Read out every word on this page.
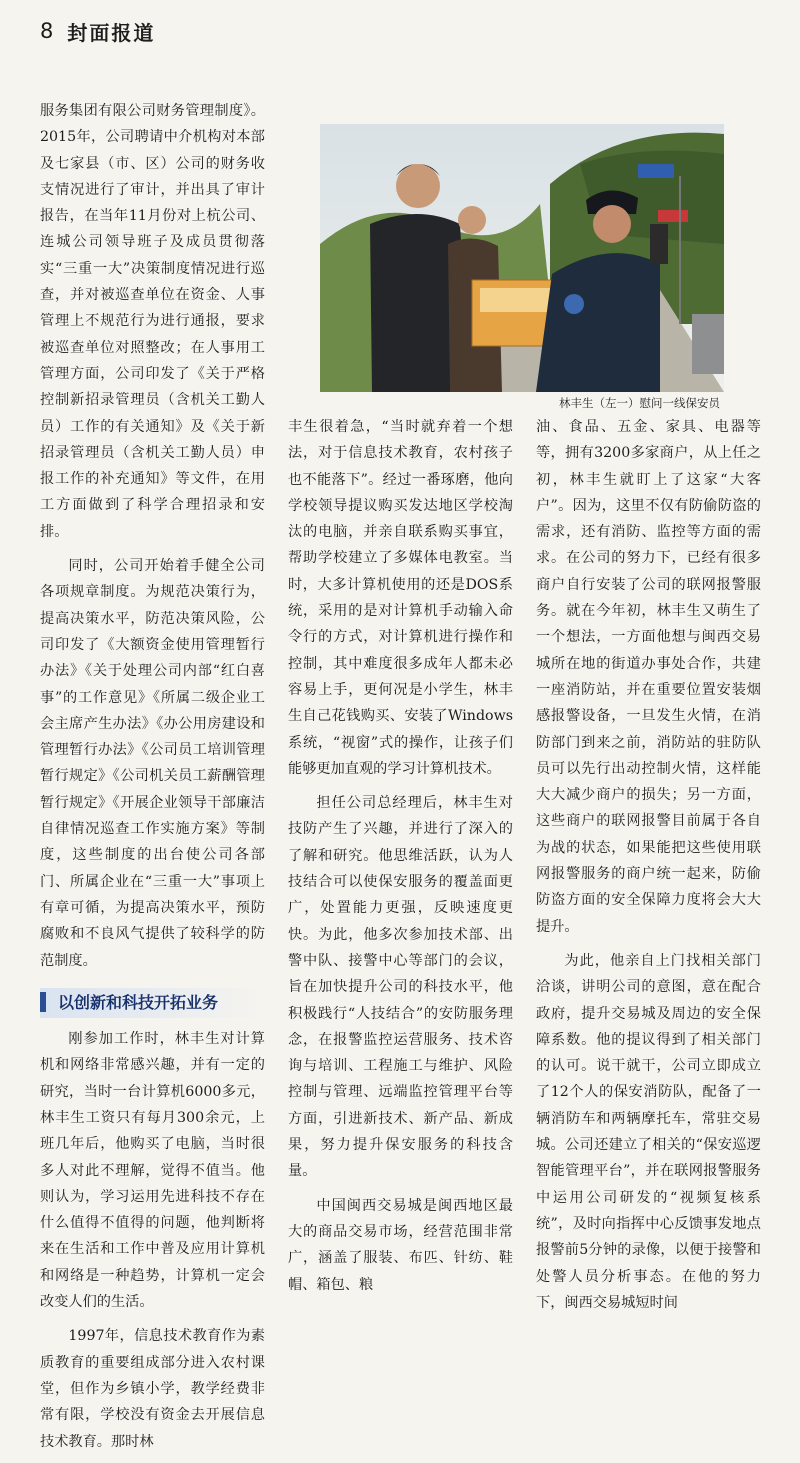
8 封面报道

服务集团有限公司财务管理制度》。2015年，公司聘请中介机构对本部及七家县（市、区）公司的财务收支情况进行了审计，并出具了审计报告，在当年11月份对上杭公司、连城公司领导班子及成员贯彻落实“三重一大”决策制度情况进行巡查，并对被巡查单位在资金、人事管理上不规范行为进行通报，要求被巡查单位对照整改；在人事用工管理方面，公司印发了《关于严格控制新招录管理员（含机关工勤人员）工作的有关通知》及《关于新招录管理员（含机关工勤人员）申报工作的补充通知》等文件，在用工方面做到了科学合理招录和安排。

同时，公司开始着手健全公司各项规章制度。为规范决策行为，提高决策水平，防范决策风险，公司印发了《大额资金使用管理暂行办法》《关于处理公司内部“红白喜事”的工作意见》《所属二级企业工会主席产生办法》《办公用房建设和管理暂行办法》《公司员工培训管理暂行规定》《公司机关员工薪酬管理暂行规定》《开展企业领导干部廉洁自律情况巡查工作实施方案》等制度，这些制度的出台使公司各部门、所属企业在“三重一大”事项上有章可循，为提高决策水平，预防腐败和不良风气提供了较科学的防范制度。

以创新和科技开拓业务

刚参加工作时，林丰生对计算机和网络非常感兴趣，并有一定的研究，当时一台计算机6000多元，林丰生工资只有每月300余元，上班几年后，他购买了电脑，当时很多人对此不理解，觉得不值当。他则认为，学习运用先进科技不存在什么值得不值得的问题，他判断将来在生活和工作中普及应用计算机和网络是一种趋势，计算机一定会改变人们的生活。

1997年，信息技术教育作为素质教育的重要组成部分进入农村课堂，但作为乡镇小学，教学经费非常有限，学校没有资金去开展信息技术教育。那时林

林丰生（左一）慰问一线保安员

丰生很着急，“当时就弃着一个想法，对于信息技术教育，农村孩子也不能落下”。经过一番琢磨，他向学校领导提议购买发达地区学校淘汰的电脑，并亲自联系购买事宜，帮助学校建立了多媒体电教室。当时，大多计算机使用的还是DOS系统，采用的是对计算机手动输入命令行的方式，对计算机进行操作和控制，其中难度很多成年人都未必容易上手，更何况是小学生，林丰生自己花钱购买、安装了Windows系统，“视窗”式的操作，让孩子们能够更加直观的学习计算机技术。

担任公司总经理后，林丰生对技防产生了兴趣，并进行了深入的了解和研究。他思维活跃，认为人技结合可以使保安服务的覆盖面更广，处置能力更强，反映速度更快。为此，他多次参加技术部、出警中队、接警中心等部门的会议，旨在加快提升公司的科技水平，他积极践行“人技结合”的安防服务理念，在报警监控运营服务、技术咨询与培训、工程施工与维护、风险控制与管理、远端监控管理平台等方面，引进新技术、新产品、新成果，努力提升保安服务的科技含量。

中国闽西交易城是闽西地区最大的商品交易市场，经营范围非常广，涵盖了服装、布匹、针纺、鞋帽、箱包、粮

油、食品、五金、家具、电器等等，拥有3200多家商户，从上任之初，林丰生就盯上了这家“大客户”。因为，这里不仅有防偷防盗的需求，还有消防、监控等方面的需求。在公司的努力下，已经有很多商户自行安装了公司的联网报警服务。就在今年初，林丰生又萌生了一个想法，一方面他想与闽西交易城所在地的街道办事处合作，共建一座消防站，并在重要位置安装烟感报警设备，一旦发生火情，在消防部门到来之前，消防站的驻防队员可以先行出动控制火情，这样能大大减少商户的损失；另一方面，这些商户的联网报警目前属于各自为战的状态，如果能把这些使用联网报警服务的商户统一起来，防偷防盗方面的安全保障力度将会大大提升。

为此，他亲自上门找相关部门洽谈，讲明公司的意图，意在配合政府，提升交易城及周边的安全保障系数。他的提议得到了相关部门的认可。说干就干，公司立即成立了12个人的保安消防队，配备了一辆消防车和两辆摩托车，常驻交易城。公司还建立了相关的“保安巡逻智能管理平台”，并在联网报警服务中运用公司研发的“视频复核系统”，及时向指挥中心反馈事发地点报警前5分钟的录像，以便于接警和处警人员分析事态。在他的努力下，闽西交易城短时间
